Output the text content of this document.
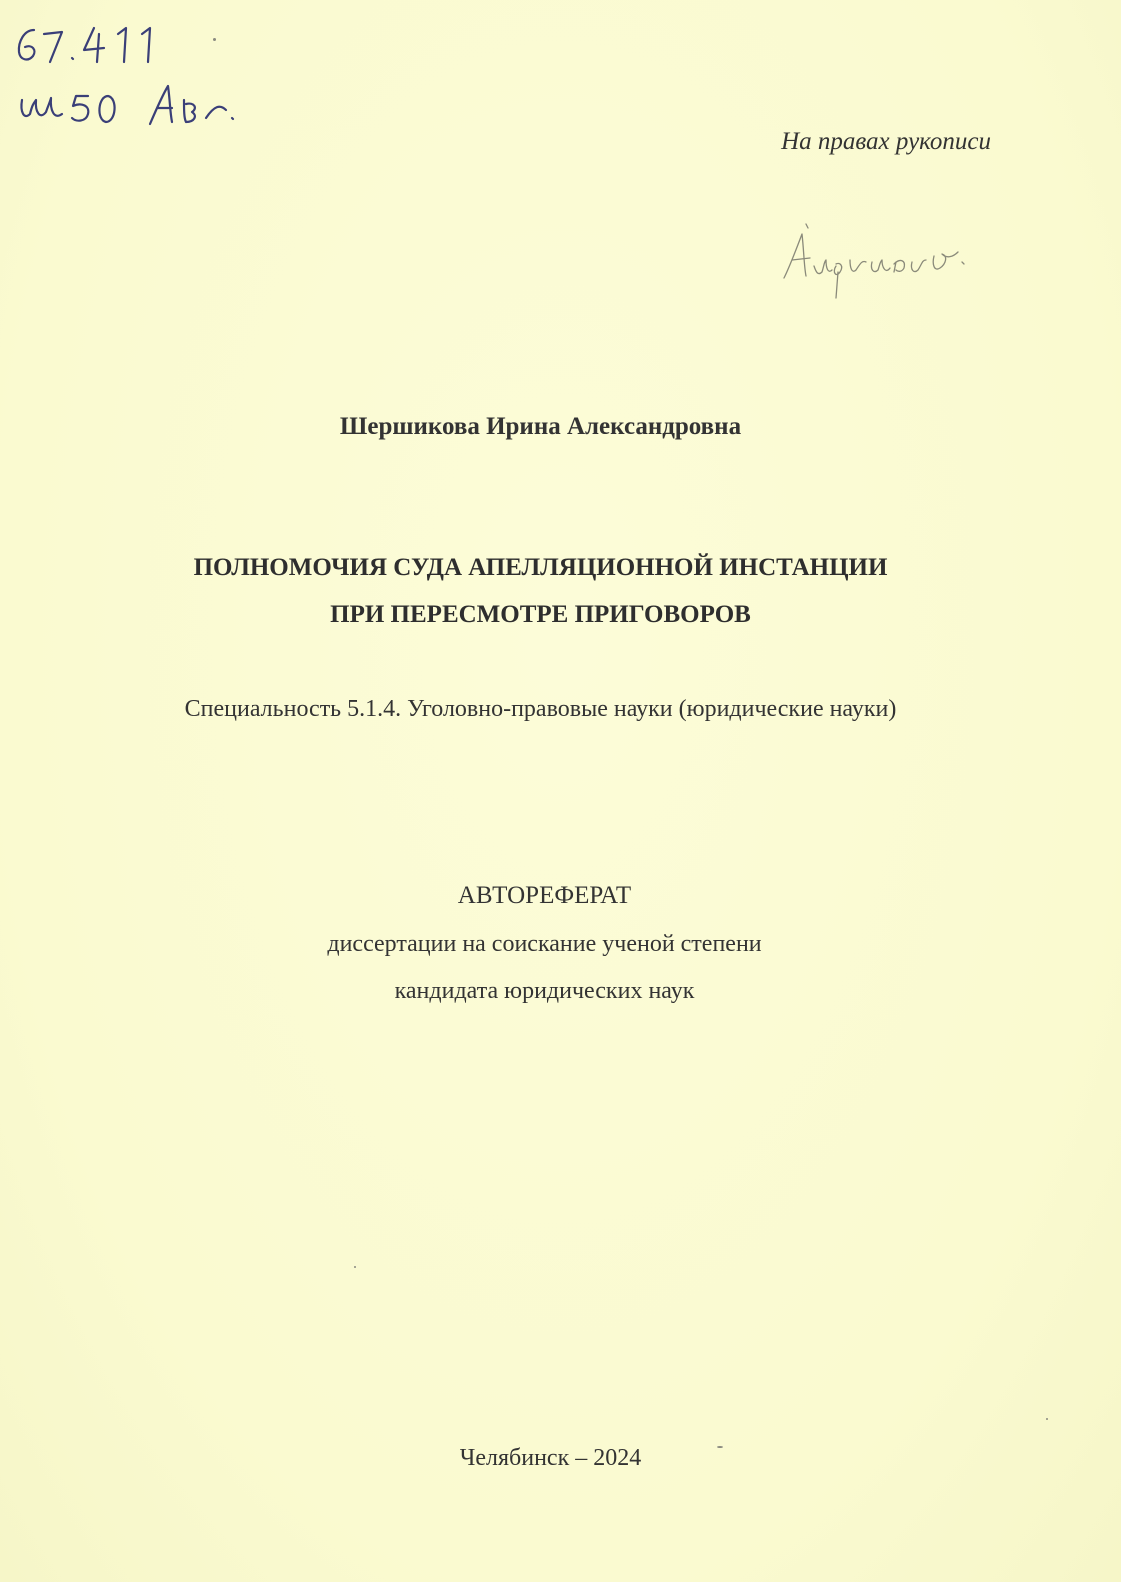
На правах рукописи
Шершикова Ирина Александровна
ПОЛНОМОЧИЯ СУДА АПЕЛЛЯЦИОННОЙ ИНСТАНЦИИ
ПРИ ПЕРЕСМОТРЕ ПРИГОВОРОВ
Специальность 5.1.4. Уголовно-правовые науки (юридические науки)
АВТОРЕФЕРАТ
диссертации на соискание ученой степени
кандидата юридических наук
Челябинск – 2024
